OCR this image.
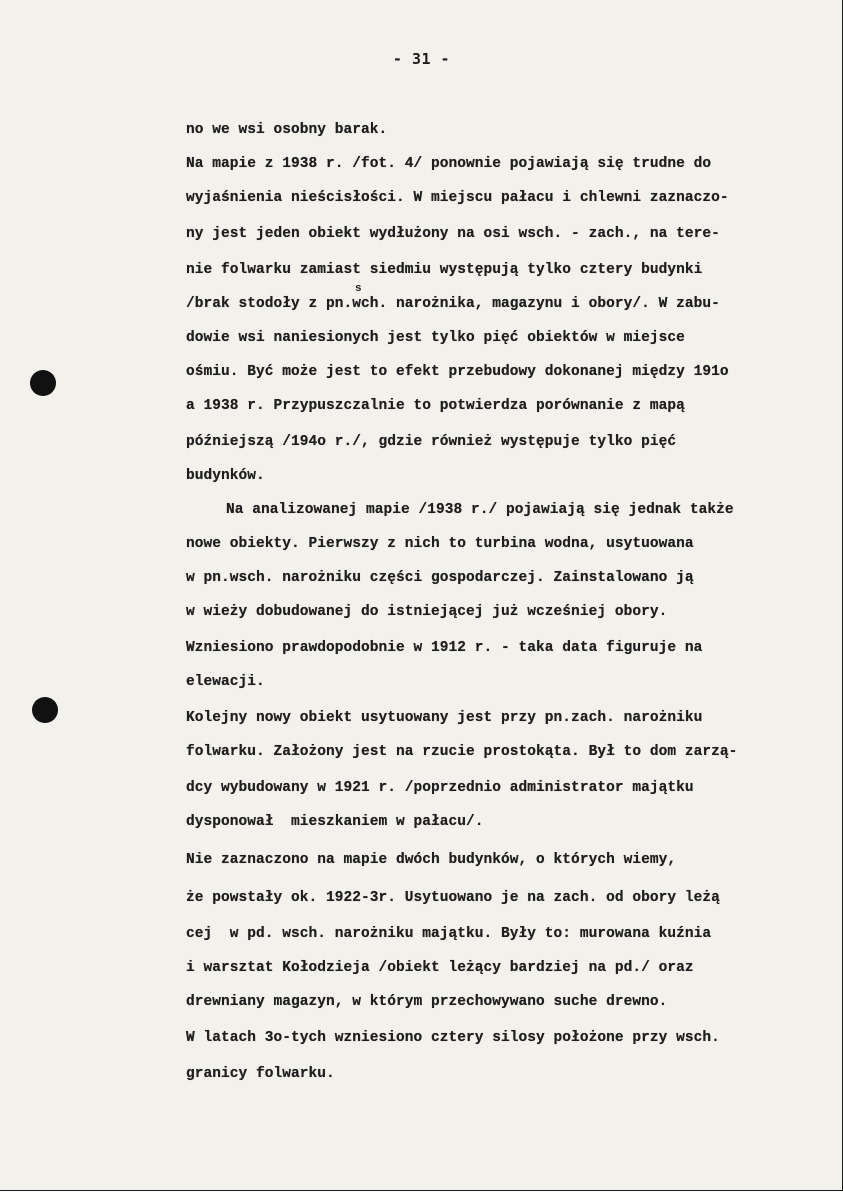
- 31 -
no we wsi osobny barak.
Na mapie z 1938 r. /fot. 4/ ponownie pojawiają się trudne do
wyjaśnienia nieścisłości. W miejscu pałacu i chlewni zaznaczo-
ny jest jeden obiekt wydłużony na osi wsch. - zach., na tere-
nie folwarku zamiast siedmiu występują tylko cztery budynki
s
/brak stodoły z pn.wch. narożnika, magazynu i obory/. W zabu-
dowie wsi naniesionych jest tylko pięć obiektów w miejsce
ośmiu. Być może jest to efekt przebudowy dokonanej między 191o
a 1938 r. Przypuszczalnie to potwierdza porównanie z mapą
późniejszą /194o r./, gdzie również występuje tylko pięć
budynków.
Na analizowanej mapie /1938 r./ pojawiają się jednak także
nowe obiekty. Pierwszy z nich to turbina wodna, usytuowana
w pn.wsch. narożniku części gospodarczej. Zainstalowano ją
w wieży dobudowanej do istniejącej już wcześniej obory.
Wzniesiono prawdopodobnie w 1912 r. - taka data figuruje na
elewacji.
Kolejny nowy obiekt usytuowany jest przy pn.zach. narożniku
folwarku. Założony jest na rzucie prostokąta. Był to dom zarzą-
dcy wybudowany w 1921 r. /poprzednio administrator majątku
dysponował  mieszkaniem w pałacu/.
Nie zaznaczono na mapie dwóch budynków, o których wiemy,
że powstały ok. 1922-3r. Usytuowano je na zach. od obory leżą
cej  w pd. wsch. narożniku majątku. Były to: murowana kuźnia
i warsztat Kołodzieja /obiekt leżący bardziej na pd./ oraz
drewniany magazyn, w którym przechowywano suche drewno.
W latach 3o-tych wzniesiono cztery silosy położone przy wsch.
granicy folwarku.
